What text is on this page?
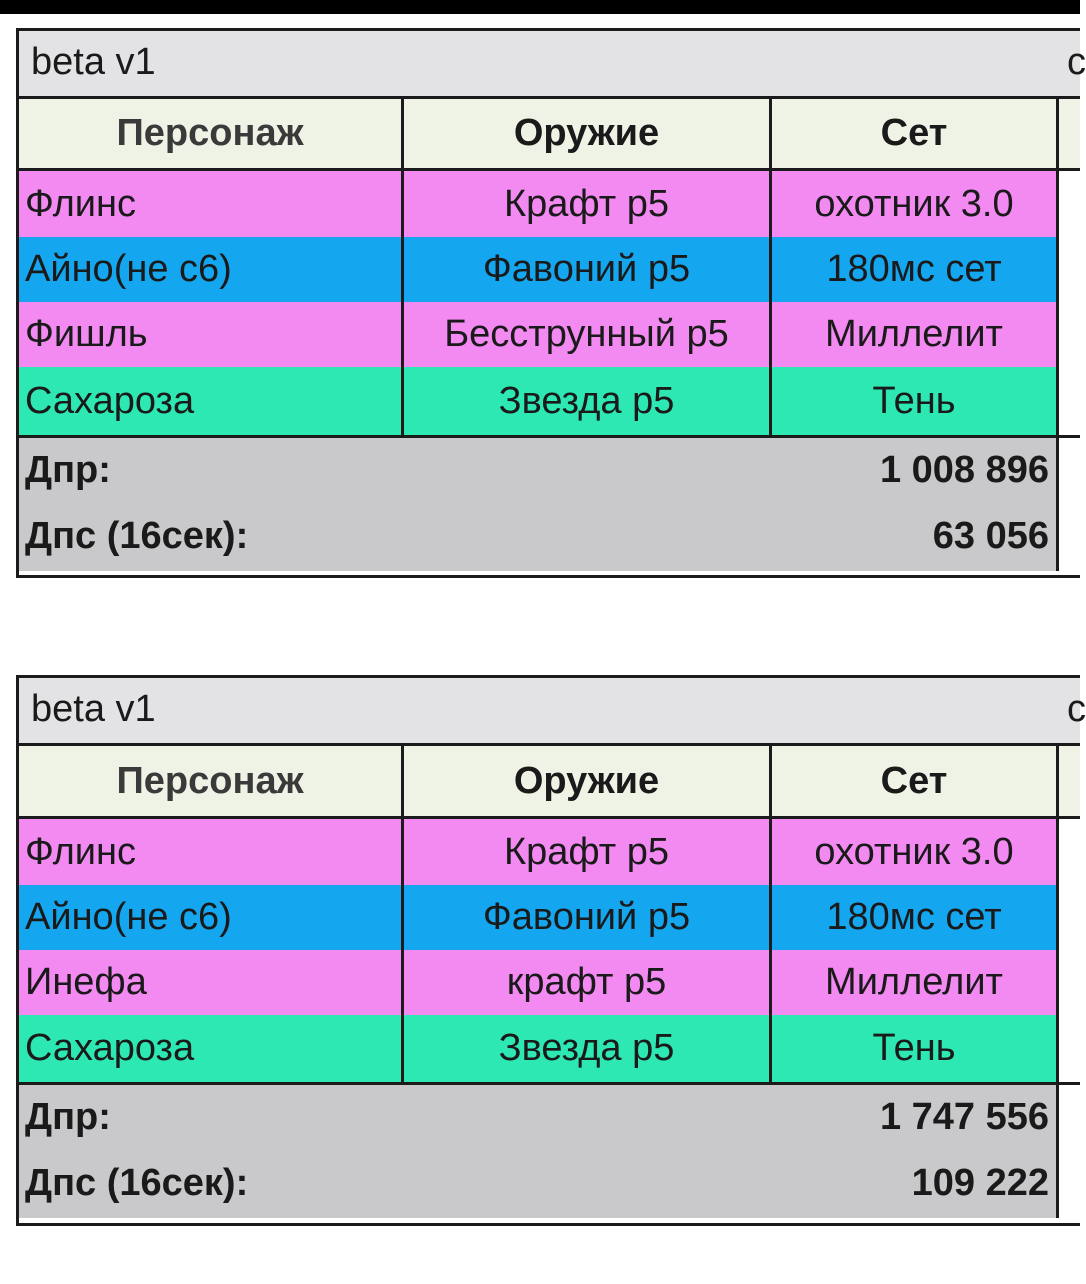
beta v1	c
Персонаж	Оружие	Сет
Флинс	Крафт р5	охотник 3.0
Айно(не с6)	Фавоний р5	180мс сет
Фишль	Бесструнный р5	Миллелит
Сахароза	Звезда р5	Тень
Дпр:	1 008 896
Дпс (16сек):	63 056
beta v1	c
Персонаж	Оружие	Сет
Флинс	Крафт р5	охотник 3.0
Айно(не с6)	Фавоний р5	180мс сет
Инефа	крафт р5	Миллелит
Сахароза	Звезда р5	Тень
Дпр:	1 747 556
Дпс (16сек):	109 222
